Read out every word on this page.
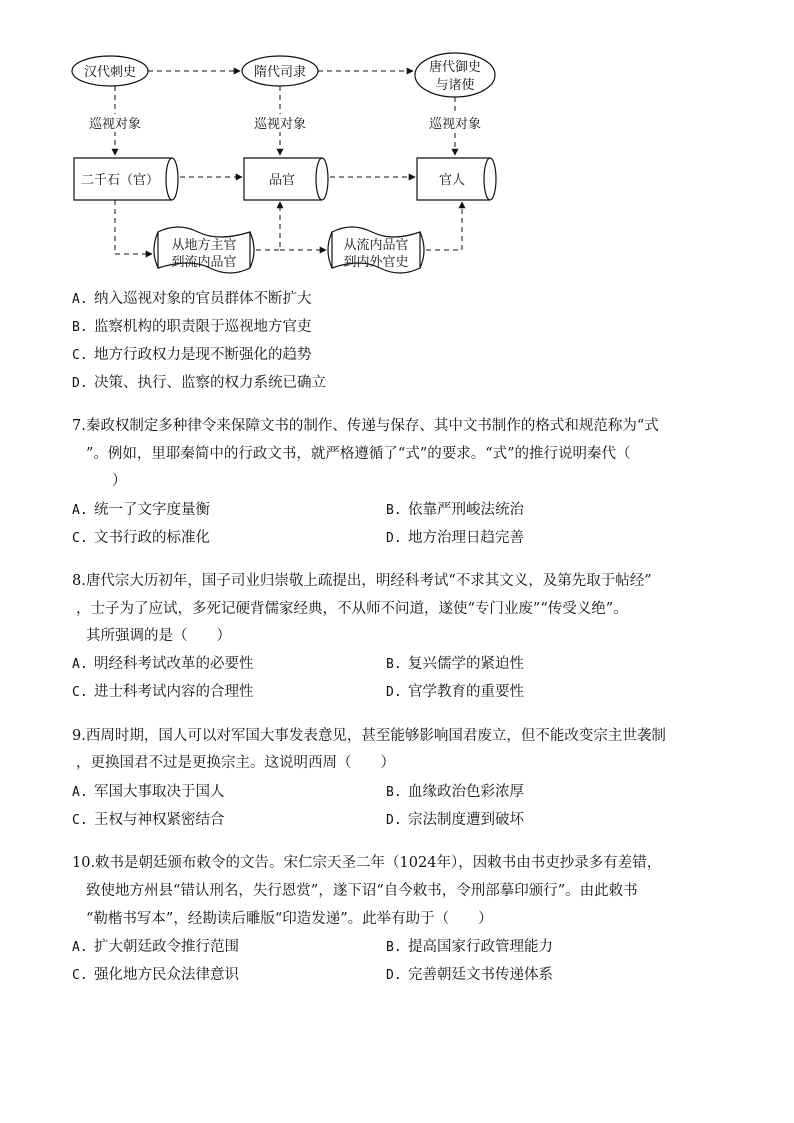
汉代刺史	隋代司隶	唐代御史
与诸使
巡视对象	巡视对象	巡视对象
二千石（官）	品官	官人
从地方主官
到流内品官
从流内品官
到内外官史
A. 纳入巡视对象的官员群体不断扩大
B. 监察机构的职责限于巡视地方官吏
C. 地方行政权力是现不断强化的趋势
D. 决策、执行、监察的权力系统已确立
7.秦政权制定多种律令来保障文书的制作、传递与保存、其中文书制作的格式和规范称为“式
”。例如，里耶秦简中的行政文书，就严格遵循了“式”的要求。“式”的推行说明秦代（
）
A. 统一了文字度量衡	B. 依靠严刑峻法统治
C. 文书行政的标准化	D. 地方治理日趋完善
8.唐代宗大历初年，国子司业归崇敬上疏提出，明经科考试“不求其文义，及第先取于帖经”
，士子为了应试，多死记硬背儒家经典，不从师不问道，遂使“专门业废”“传受义绝”。
其所强调的是（　　）
A. 明经科考试改革的必要性	B. 复兴儒学的紧迫性
C. 进士科考试内容的合理性	D. 官学教育的重要性
9.西周时期，国人可以对军国大事发表意见，甚至能够影响国君废立，但不能改变宗主世袭制
，更换国君不过是更换宗主。这说明西周（　　）
A. 军国大事取决于国人	B. 血缘政治色彩浓厚
C. 王权与神权紧密结合	D. 宗法制度遭到破坏
10.敕书是朝廷颁布敕令的文告。宋仁宗天圣二年（1024年），因敕书由书吏抄录多有差错，
致使地方州县“错认刑名，失行恩赏”，遂下诏“自今敕书，令刑部摹印颁行”。由此敕书
“勒楷书写本”，经勘读后雕版“印造发递”。此举有助于（　　）
A. 扩大朝廷政令推行范围	B. 提高国家行政管理能力
C. 强化地方民众法律意识	D. 完善朝廷文书传递体系
